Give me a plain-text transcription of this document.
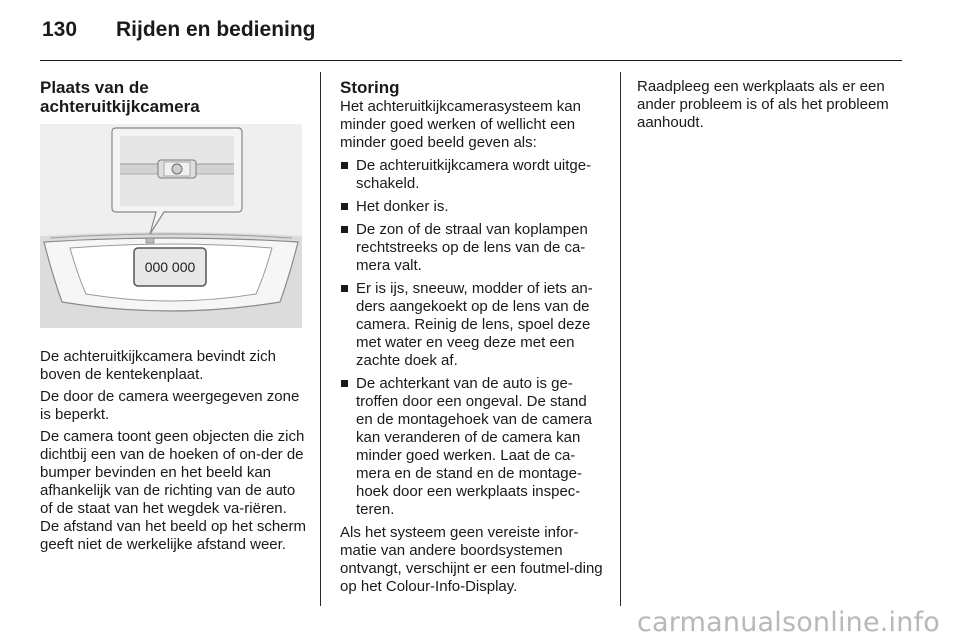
130	Rijden en bediening
Plaats van de
achteruitkijkcamera
000 000

De achteruitkijkcamera bevindt zich boven de kentekenplaat.

De door de camera weergegeven zone is beperkt.

De camera toont geen objecten die zich dichtbij een van de hoeken of on-der de bumper bevinden en het beeld kan afhankelijk van de richting van de auto of de staat van het wegdek va-riëren. De afstand van het beeld op het scherm geeft niet de werkelijke afstand weer.

Storing

Het achteruitkijkcamerasysteem kan minder goed werken of wellicht een minder goed beeld geven als:

De achteruitkijkcamera wordt uitge-schakeld.
Het donker is.
De zon of de straal van koplampen rechtstreeks op de lens van de ca-mera valt.
Er is ijs, sneeuw, modder of iets an-ders aangekoekt op de lens van de camera. Reinig de lens, spoel deze met water en veeg deze met een zachte doek af.
De achterkant van de auto is ge-troffen door een ongeval. De stand en de montagehoek van de camera kan veranderen of de camera kan minder goed werken. Laat de ca-mera en de stand en de montage-hoek door een werkplaats inspec-teren.

Als het systeem geen vereiste infor-matie van andere boordsystemen ontvangt, verschijnt er een foutmel-ding op het Colour-Info-Display.

Raadpleeg een werkplaats als er een ander probleem is of als het probleem aanhoudt.

carmanualsonline.info
